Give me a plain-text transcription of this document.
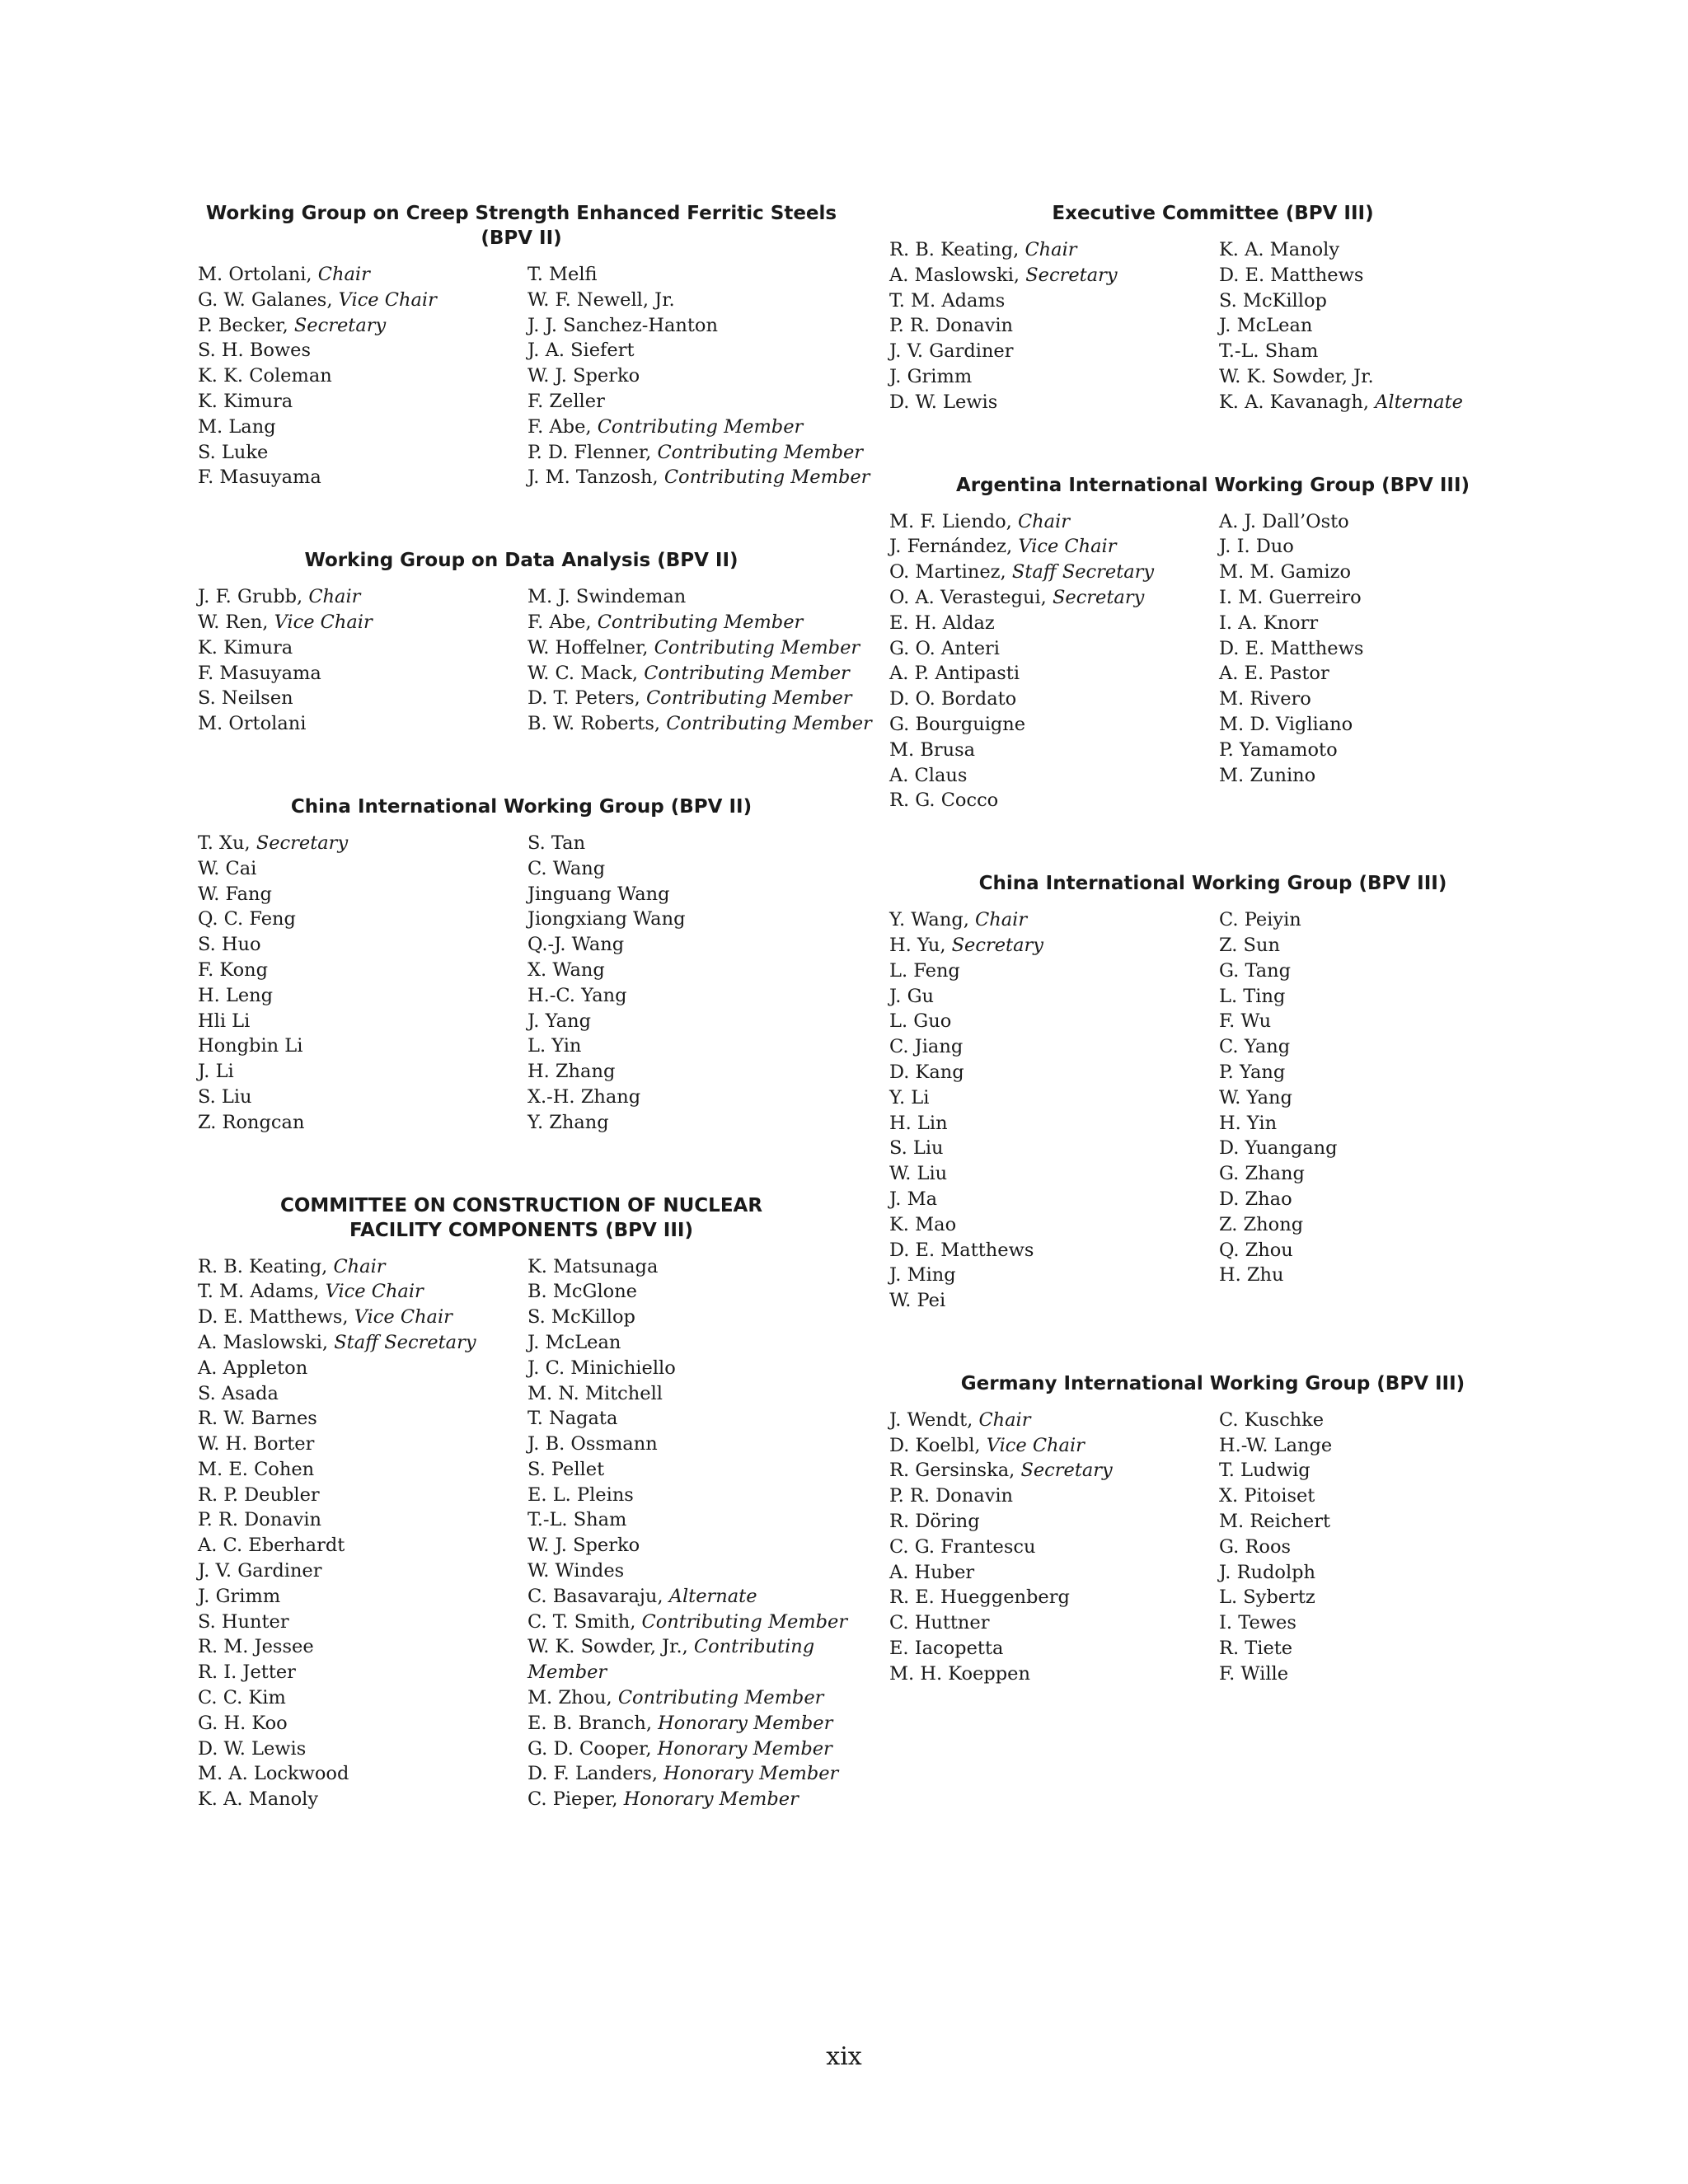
Working Group on Creep Strength Enhanced Ferritic Steels (BPV II)
M. Ortolani, Chair
G. W. Galanes, Vice Chair
P. Becker, Secretary
S. H. Bowes
K. K. Coleman
K. Kimura
M. Lang
S. Luke
F. Masuyama
T. Melfi
W. F. Newell, Jr.
J. J. Sanchez-Hanton
J. A. Siefert
W. J. Sperko
F. Zeller
F. Abe, Contributing Member
P. D. Flenner, Contributing Member
J. M. Tanzosh, Contributing Member
Working Group on Data Analysis (BPV II)
J. F. Grubb, Chair
W. Ren, Vice Chair
K. Kimura
F. Masuyama
S. Neilsen
M. Ortolani
M. J. Swindeman
F. Abe, Contributing Member
W. Hoffelner, Contributing Member
W. C. Mack, Contributing Member
D. T. Peters, Contributing Member
B. W. Roberts, Contributing Member
China International Working Group (BPV II)
T. Xu, Secretary
W. Cai
W. Fang
Q. C. Feng
S. Huo
F. Kong
H. Leng
Hli Li
Hongbin Li
J. Li
S. Liu
Z. Rongcan
S. Tan
C. Wang
Jinguang Wang
Jiongxiang Wang
Q.-J. Wang
X. Wang
H.-C. Yang
J. Yang
L. Yin
H. Zhang
X.-H. Zhang
Y. Zhang
COMMITTEE ON CONSTRUCTION OF NUCLEAR FACILITY COMPONENTS (BPV III)
R. B. Keating, Chair
T. M. Adams, Vice Chair
D. E. Matthews, Vice Chair
A. Maslowski, Staff Secretary
A. Appleton
S. Asada
R. W. Barnes
W. H. Borter
M. E. Cohen
R. P. Deubler
P. R. Donavin
A. C. Eberhardt
J. V. Gardiner
J. Grimm
S. Hunter
R. M. Jessee
R. I. Jetter
C. C. Kim
G. H. Koo
D. W. Lewis
M. A. Lockwood
K. A. Manoly
K. Matsunaga
B. McGlone
S. McKillop
J. McLean
J. C. Minichiello
M. N. Mitchell
T. Nagata
J. B. Ossmann
S. Pellet
E. L. Pleins
T.-L. Sham
W. J. Sperko
W. Windes
C. Basavaraju, Alternate
C. T. Smith, Contributing Member
W. K. Sowder, Jr., Contributing Member
M. Zhou, Contributing Member
E. B. Branch, Honorary Member
G. D. Cooper, Honorary Member
D. F. Landers, Honorary Member
C. Pieper, Honorary Member
Executive Committee (BPV III)
R. B. Keating, Chair
A. Maslowski, Secretary
T. M. Adams
P. R. Donavin
J. V. Gardiner
J. Grimm
D. W. Lewis
K. A. Manoly
D. E. Matthews
S. McKillop
J. McLean
T.-L. Sham
W. K. Sowder, Jr.
K. A. Kavanagh, Alternate
Argentina International Working Group (BPV III)
M. F. Liendo, Chair
J. Fernández, Vice Chair
O. Martinez, Staff Secretary
O. A. Verastegui, Secretary
E. H. Aldaz
G. O. Anteri
A. P. Antipasti
D. O. Bordato
G. Bourguigne
M. Brusa
A. Claus
R. G. Cocco
A. J. Dall’Osto
J. I. Duo
M. M. Gamizo
I. M. Guerreiro
I. A. Knorr
D. E. Matthews
A. E. Pastor
M. Rivero
M. D. Vigliano
P. Yamamoto
M. Zunino
China International Working Group (BPV III)
Y. Wang, Chair
H. Yu, Secretary
L. Feng
J. Gu
L. Guo
C. Jiang
D. Kang
Y. Li
H. Lin
S. Liu
W. Liu
J. Ma
K. Mao
D. E. Matthews
J. Ming
W. Pei
C. Peiyin
Z. Sun
G. Tang
L. Ting
F. Wu
C. Yang
P. Yang
W. Yang
H. Yin
D. Yuangang
G. Zhang
D. Zhao
Z. Zhong
Q. Zhou
H. Zhu
Germany International Working Group (BPV III)
J. Wendt, Chair
D. Koelbl, Vice Chair
R. Gersinska, Secretary
P. R. Donavin
R. Döring
C. G. Frantescu
A. Huber
R. E. Hueggenberg
C. Huttner
E. Iacopetta
M. H. Koeppen
C. Kuschke
H.-W. Lange
T. Ludwig
X. Pitoiset
M. Reichert
G. Roos
J. Rudolph
L. Sybertz
I. Tewes
R. Tiete
F. Wille
xix
